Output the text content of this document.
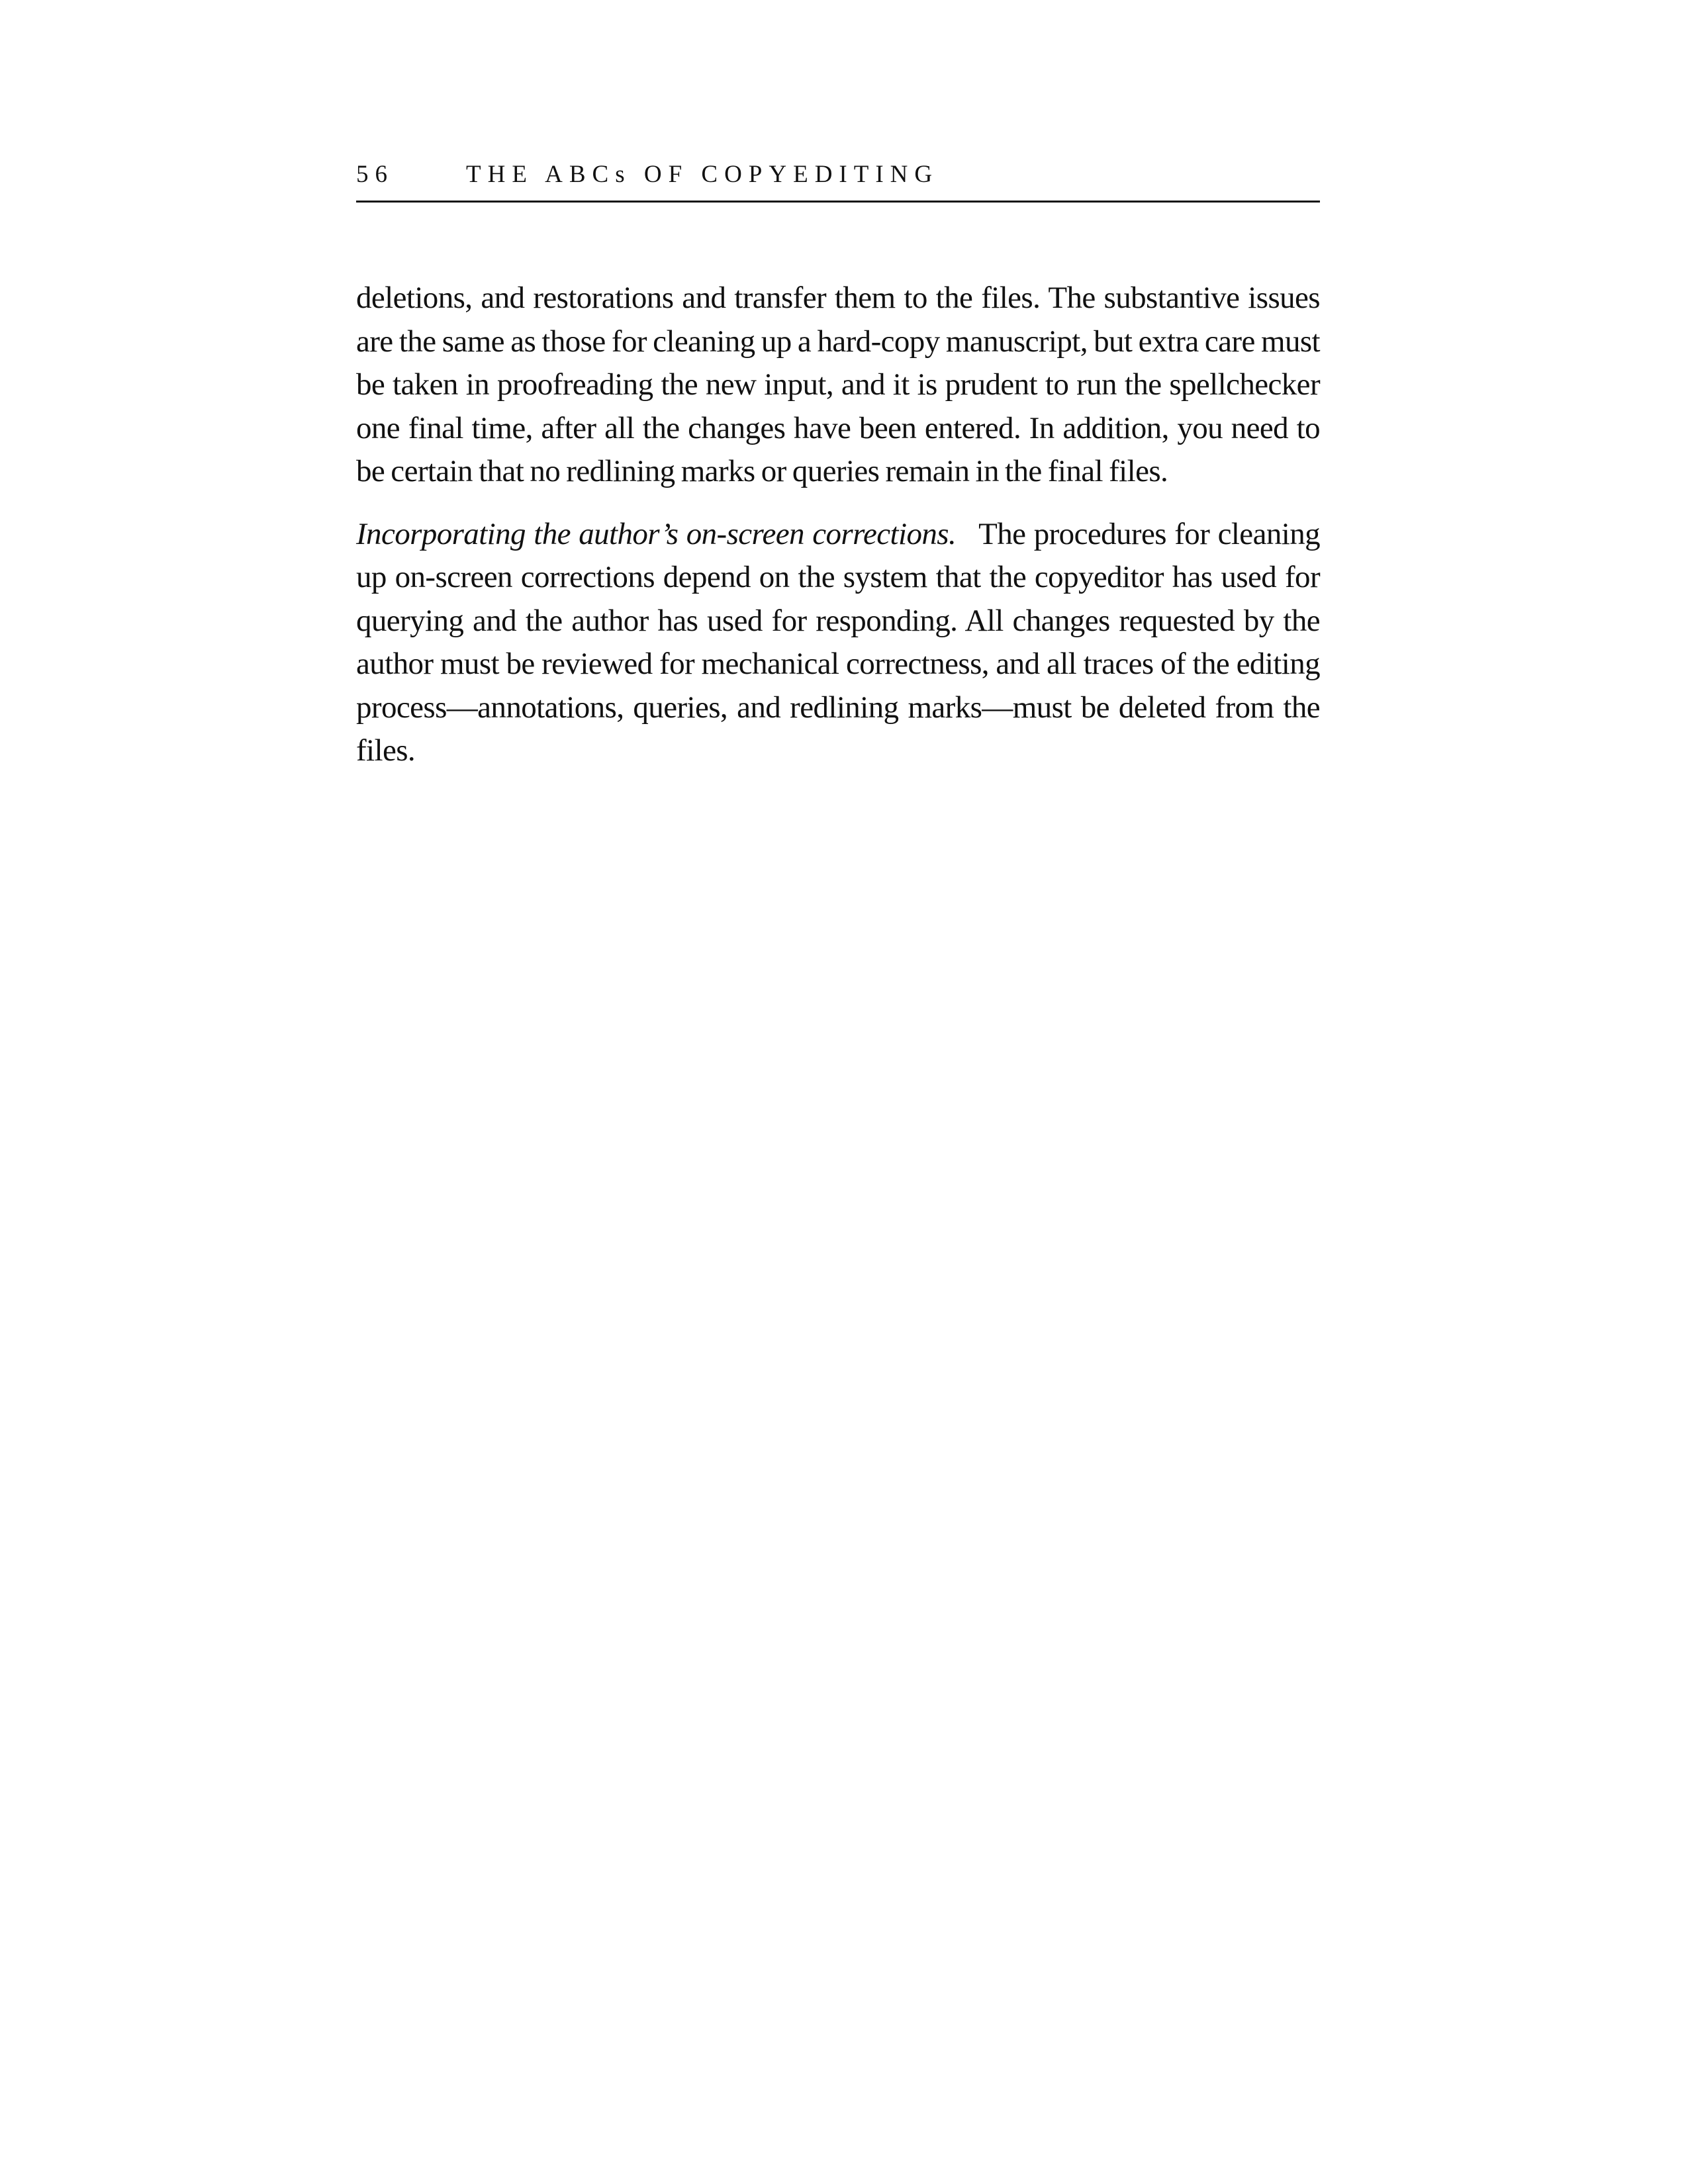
56	THE ABCs OF COPYEDITING

deletions, and restorations and transfer them to the files. The substantive issues are the same as those for cleaning up a hard-copy manuscript, but extra care must be taken in proofreading the new input, and it is prudent to run the spellchecker one final time, after all the changes have been entered. In addition, you need to be certain that no redlining marks or queries remain in the final files.

Incorporating the author’s on-screen corrections. The procedures for cleaning up on-screen corrections depend on the system that the copyeditor has used for querying and the author has used for responding. All changes requested by the author must be reviewed for mechanical correctness, and all traces of the editing process—annotations, queries, and redlining marks—must be deleted from the files.
